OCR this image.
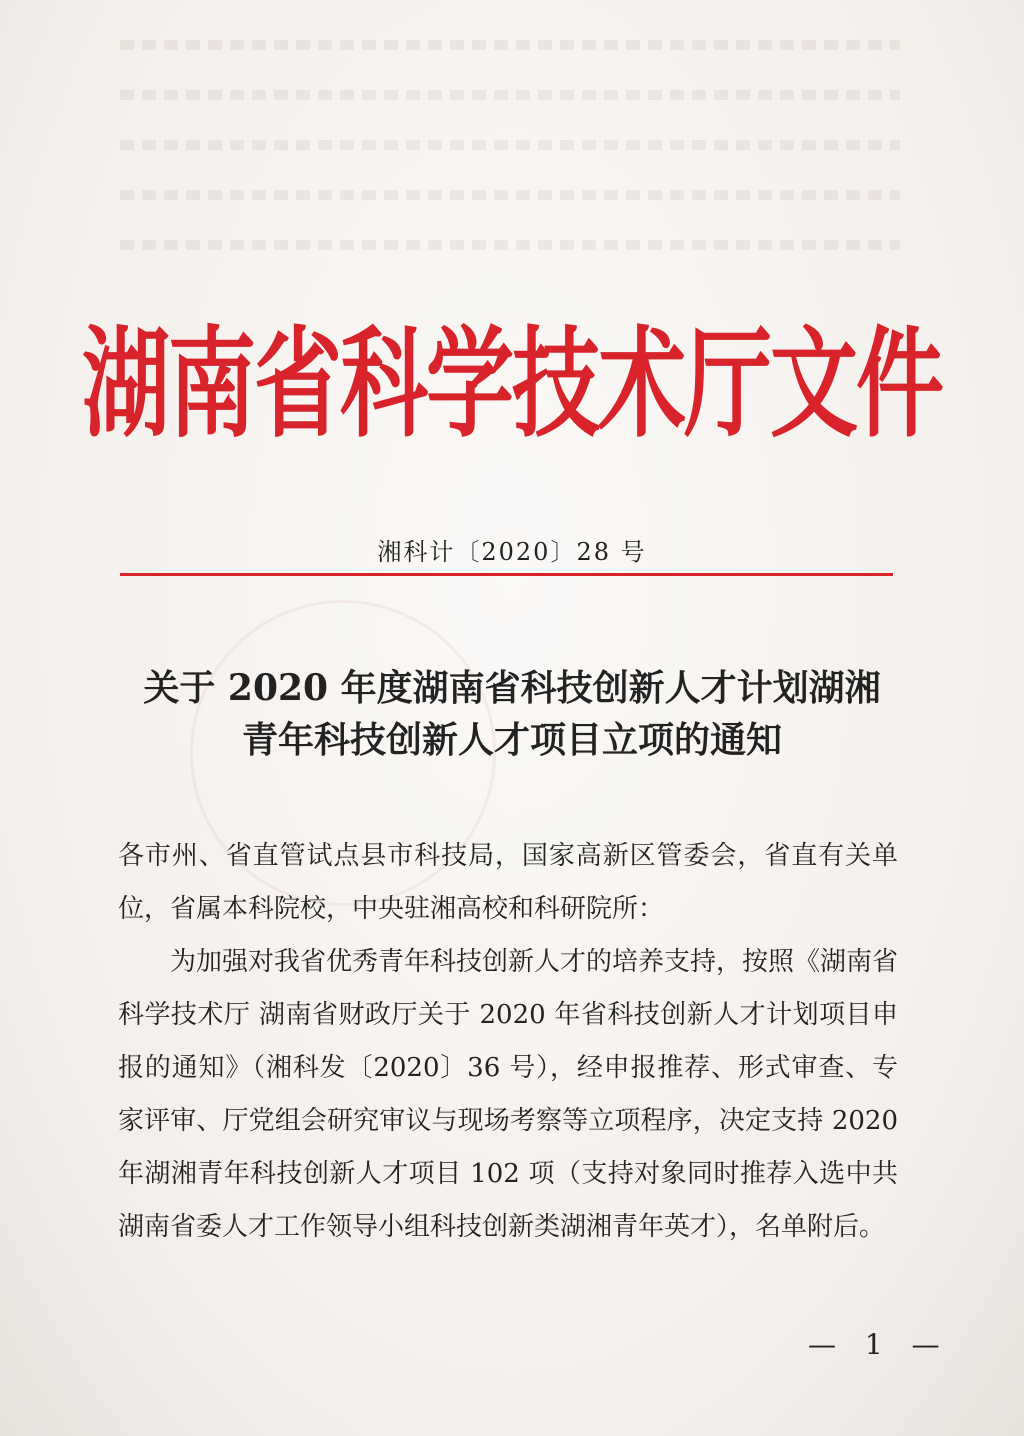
湖南省科学技术厅文件
湘科计〔2020〕28 号
关于 2020 年度湖南省科技创新人才计划湖湘
青年科技创新人才项目立项的通知

各市州、省直管试点县市科技局，国家高新区管委会，省直有关单位，省属本科院校，中央驻湘高校和科研院所：

为加强对我省优秀青年科技创新人才的培养支持，按照《湖南省科学技术厅 湖南省财政厅关于 2020 年省科技创新人才计划项目申报的通知》（湘科发〔2020〕36 号），经申报推荐、形式审查、专家评审、厅党组会研究审议与现场考察等立项程序，决定支持 2020 年湖湘青年科技创新人才项目 102 项（支持对象同时推荐入选中共湖南省委人才工作领导小组科技创新类湖湘青年英才），名单附后。

— 1 —
